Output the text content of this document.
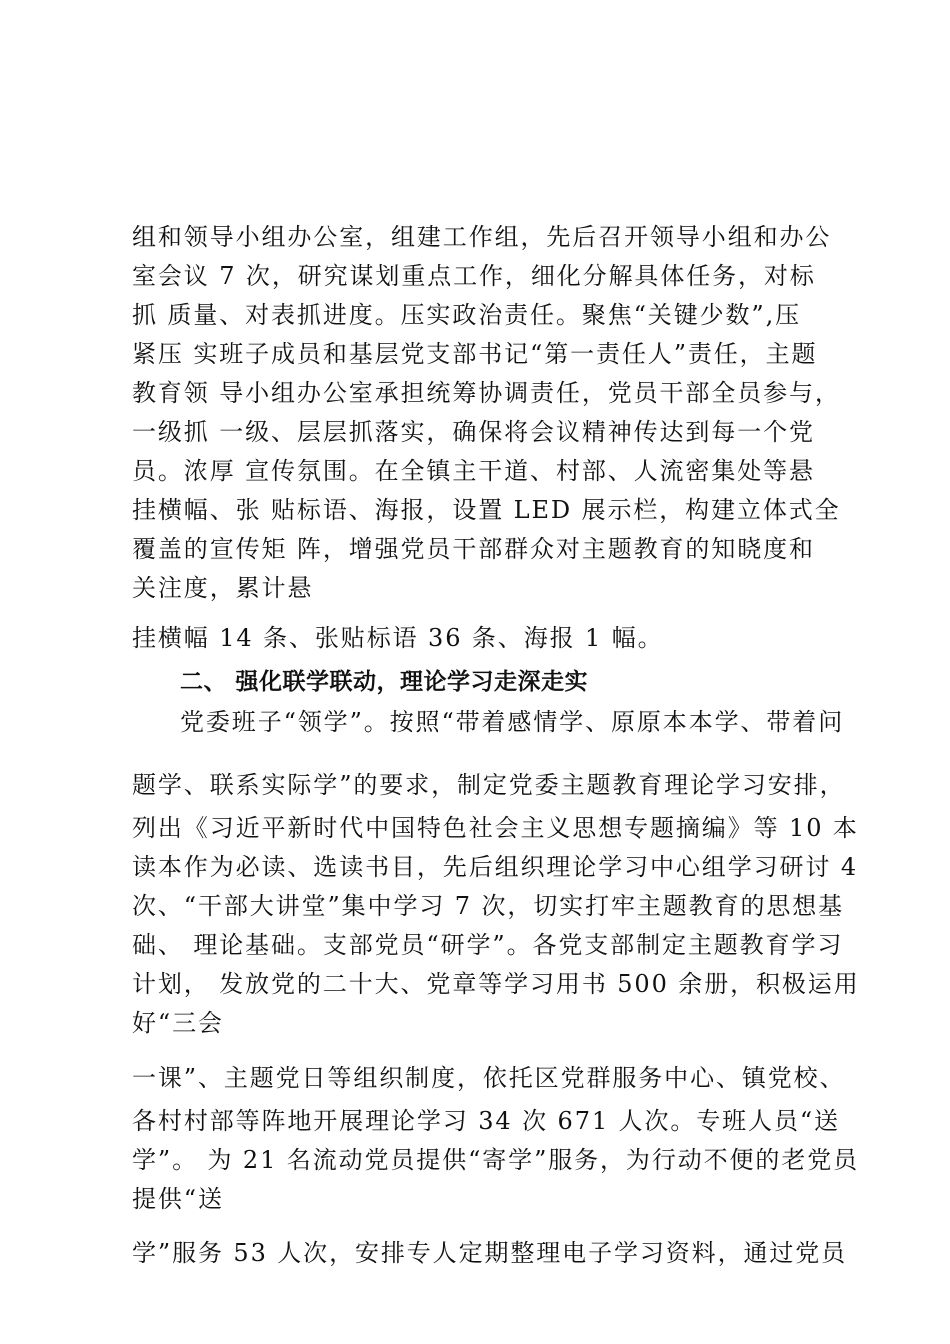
组和领导小组办公室，组建工作组，先后召开领导小组和办公
室会议 7 次，研究谋划重点工作，细化分解具体任务，对标
抓 质量、对表抓进度。压实政治责任。聚焦“关键少数”,压
紧压 实班子成员和基层党支部书记“第一责任人”责任，主题
教育领 导小组办公室承担统筹协调责任，党员干部全员参与，
一级抓 一级、层层抓落实，确保将会议精神传达到每一个党
员。浓厚 宣传氛围。在全镇主干道、村部、人流密集处等悬
挂横幅、张 贴标语、海报，设置 LED 展示栏，构建立体式全
覆盖的宣传矩 阵，增强党员干部群众对主题教育的知晓度和
关注度，累计悬
挂横幅 14 条、张贴标语 36 条、海报 1 幅。
二、 强化联学联动，理论学习走深走实
党委班子“领学”。按照“带着感情学、原原本本学、带着问
题学、联系实际学”的要求，制定党委主题教育理论学习安排，
列出《习近平新时代中国特色社会主义思想专题摘编》等 10 本
读本作为必读、选读书目，先后组织理论学习中心组学习研讨 4
次、“干部大讲堂”集中学习 7 次，切实打牢主题教育的思想基
础、 理论基础。支部党员“研学”。各党支部制定主题教育学习
计划， 发放党的二十大、党章等学习用书 500 余册，积极运用
好“三会
一课”、主题党日等组织制度，依托区党群服务中心、镇党校、
各村村部等阵地开展理论学习 34 次 671 人次。专班人员“送
学”。 为 21 名流动党员提供“寄学”服务，为行动不便的老党员
提供“送
学”服务 53 人次，安排专人定期整理电子学习资料，通过党员
